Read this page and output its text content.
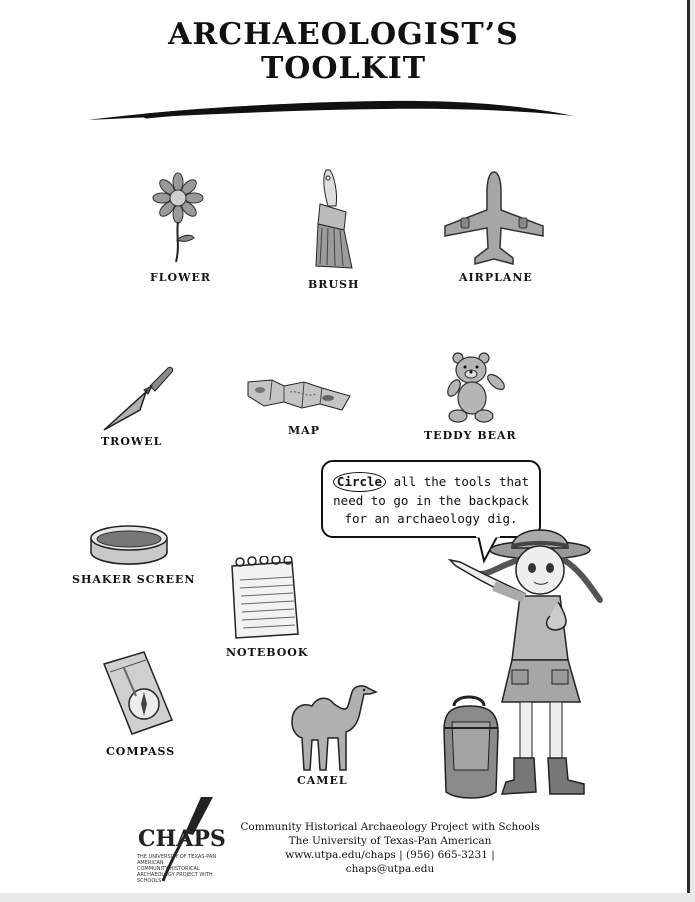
ARCHAEOLOGIST’S
TOOLKIT
FLOWER
BRUSH
AIRPLANE
TROWEL
MAP	TEDDY BEAR
Circle all the tools that
need to go in the backpack
for an archaeology dig.
SHAKER SCREEN
NOTEBOOK
COMPASS
CAMEL
CHAPS
THE UNIVERSITY OF TEXAS-PAN AMERICAN
COMMUNITY HISTORICAL ARCHAEOLOGY PROJECT WITH SCHOOLS
Community Historical Archaeology Project with Schools
The University of Texas-Pan American
www.utpa.edu/chaps | (956) 665-3231 | chaps@utpa.edu
